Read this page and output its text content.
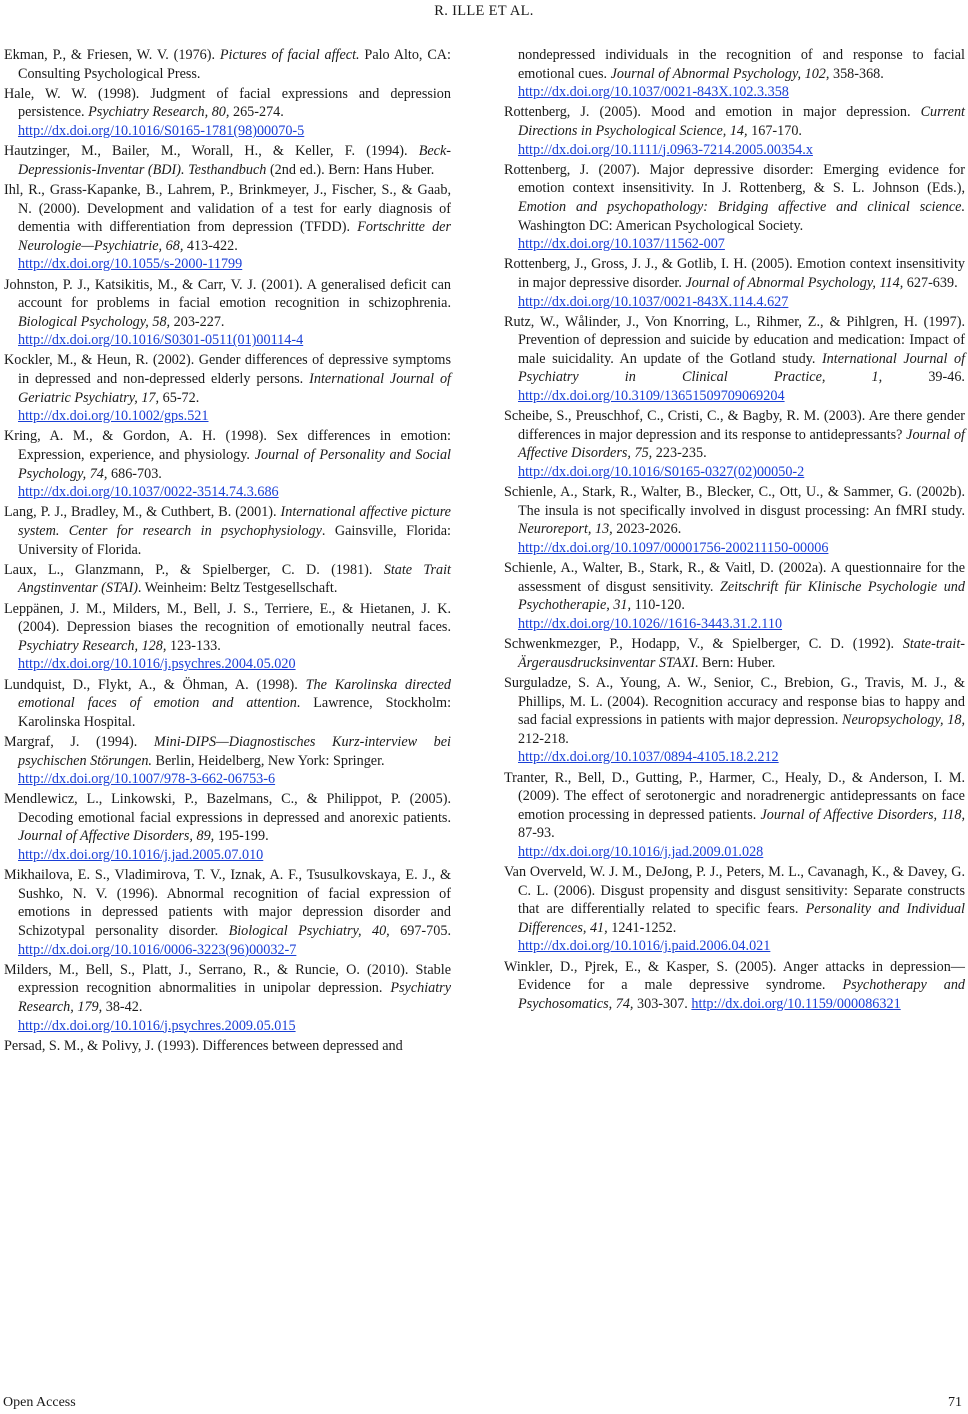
R. ILLE ET AL.

Ekman, P., & Friesen, W. V. (1976). Pictures of facial affect. Palo Alto, CA: Consulting Psychological Press.

Hale, W. W. (1998). Judgment of facial expressions and depression persistence. Psychiatry Research, 80, 265-274.
http://dx.doi.org/10.1016/S0165-1781(98)00070-5

Hautzinger, M., Bailer, M., Worall, H., & Keller, F. (1994). Beck-Depressionis-Inventar (BDI). Testhandbuch (2nd ed.). Bern: Hans Huber.

Ihl, R., Grass-Kapanke, B., Lahrem, P., Brinkmeyer, J., Fischer, S., & Gaab, N. (2000). Development and validation of a test for early diagnosis of dementia with differentiation from depression (TFDD). Fortschritte der Neurologie—Psychiatrie, 68, 413-422.
http://dx.doi.org/10.1055/s-2000-11799

Johnston, P. J., Katsikitis, M., & Carr, V. J. (2001). A generalised deficit can account for problems in facial emotion recognition in schizophrenia. Biological Psychology, 58, 203-227.
http://dx.doi.org/10.1016/S0301-0511(01)00114-4

Kockler, M., & Heun, R. (2002). Gender differences of depressive symptoms in depressed and non-depressed elderly persons. International Journal of Geriatric Psychiatry, 17, 65-72.
http://dx.doi.org/10.1002/gps.521

Kring, A. M., & Gordon, A. H. (1998). Sex differences in emotion: Expression, experience, and physiology. Journal of Personality and Social Psychology, 74, 686-703.
http://dx.doi.org/10.1037/0022-3514.74.3.686

Lang, P. J., Bradley, M., & Cuthbert, B. (2001). International affective picture system. Center for research in psychophysiology. Gainsville, Florida: University of Florida.

Laux, L., Glanzmann, P., & Spielberger, C. D. (1981). State Trait Angstinventar (STAI). Weinheim: Beltz Testgesellschaft.

Leppänen, J. M., Milders, M., Bell, J. S., Terriere, E., & Hietanen, J. K. (2004). Depression biases the recognition of emotionally neutral faces. Psychiatry Research, 128, 123-133.
http://dx.doi.org/10.1016/j.psychres.2004.05.020

Lundquist, D., Flykt, A., & Öhman, A. (1998). The Karolinska directed emotional faces of emotion and attention. Lawrence, Stockholm: Karolinska Hospital.

Margraf, J. (1994). Mini-DIPS—Diagnostisches Kurz-interview bei psychischen Störungen. Berlin, Heidelberg, New York: Springer.
http://dx.doi.org/10.1007/978-3-662-06753-6

Mendlewicz, L., Linkowski, P., Bazelmans, C., & Philippot, P. (2005). Decoding emotional facial expressions in depressed and anorexic patients. Journal of Affective Disorders, 89, 195-199.
http://dx.doi.org/10.1016/j.jad.2005.07.010

Mikhailova, E. S., Vladimirova, T. V., Iznak, A. F., Tsusulkovskaya, E. J., & Sushko, N. V. (1996). Abnormal recognition of facial expression of emotions in depressed patients with major depression disorder and Schizotypal personality disorder. Biological Psychiatry, 40, 697-705. http://dx.doi.org/10.1016/0006-3223(96)00032-7

Milders, M., Bell, S., Platt, J., Serrano, R., & Runcie, O. (2010). Stable expression recognition abnormalities in unipolar depression. Psychiatry Research, 179, 38-42.
http://dx.doi.org/10.1016/j.psychres.2009.05.015

Persad, S. M., & Polivy, J. (1993). Differences between depressed and

nondepressed individuals in the recognition of and response to facial emotional cues. Journal of Abnormal Psychology, 102, 358-368.
http://dx.doi.org/10.1037/0021-843X.102.3.358

Rottenberg, J. (2005). Mood and emotion in major depression. Current Directions in Psychological Science, 14, 167-170.
http://dx.doi.org/10.1111/j.0963-7214.2005.00354.x

Rottenberg, J. (2007). Major depressive disorder: Emerging evidence for emotion context insensitivity. In J. Rottenberg, & S. L. Johnson (Eds.), Emotion and psychopathology: Bridging affective and clinical science. Washington DC: American Psychological Society.
http://dx.doi.org/10.1037/11562-007

Rottenberg, J., Gross, J. J., & Gotlib, I. H. (2005). Emotion context insensitivity in major depressive disorder. Journal of Abnormal Psychology, 114, 627-639.
http://dx.doi.org/10.1037/0021-843X.114.4.627

Rutz, W., Wålinder, J., Von Knorring, L., Rihmer, Z., & Pihlgren, H. (1997). Prevention of depression and suicide by education and medication: Impact of male suicidality. An update of the Gotland study. International Journal of Psychiatry in Clinical Practice, 1, 39-46. http://dx.doi.org/10.3109/13651509709069204

Scheibe, S., Preuschhof, C., Cristi, C., & Bagby, R. M. (2003). Are there gender differences in major depression and its response to antidepressants? Journal of Affective Disorders, 75, 223-235.
http://dx.doi.org/10.1016/S0165-0327(02)00050-2

Schienle, A., Stark, R., Walter, B., Blecker, C., Ott, U., & Sammer, G. (2002b). The insula is not specifically involved in disgust processing: An fMRI study. Neuroreport, 13, 2023-2026.
http://dx.doi.org/10.1097/00001756-200211150-00006

Schienle, A., Walter, B., Stark, R., & Vaitl, D. (2002a). A questionnaire for the assessment of disgust sensitivity. Zeitschrift für Klinische Psychologie und Psychotherapie, 31, 110-120.
http://dx.doi.org/10.1026//1616-3443.31.2.110

Schwenkmezger, P., Hodapp, V., & Spielberger, C. D. (1992). State-trait-Ärgerausdrucksinventar STAXI. Bern: Huber.

Surguladze, S. A., Young, A. W., Senior, C., Brebion, G., Travis, M. J., & Phillips, M. L. (2004). Recognition accuracy and response bias to happy and sad facial expressions in patients with major depression. Neuropsychology, 18, 212-218.
http://dx.doi.org/10.1037/0894-4105.18.2.212

Tranter, R., Bell, D., Gutting, P., Harmer, C., Healy, D., & Anderson, I. M. (2009). The effect of serotonergic and noradrenergic antidepressants on face emotion processing in depressed patients. Journal of Affective Disorders, 118, 87-93.
http://dx.doi.org/10.1016/j.jad.2009.01.028

Van Overveld, W. J. M., DeJong, P. J., Peters, M. L., Cavanagh, K., & Davey, G. C. L. (2006). Disgust propensity and disgust sensitivity: Separate constructs that are differentially related to specific fears. Personality and Individual Differences, 41, 1241-1252.
http://dx.doi.org/10.1016/j.paid.2006.04.021

Winkler, D., Pjrek, E., & Kasper, S. (2005). Anger attacks in depression—Evidence for a male depressive syndrome. Psychotherapy and Psychosomatics, 74, 303-307. http://dx.doi.org/10.1159/000086321

Open Access	71
